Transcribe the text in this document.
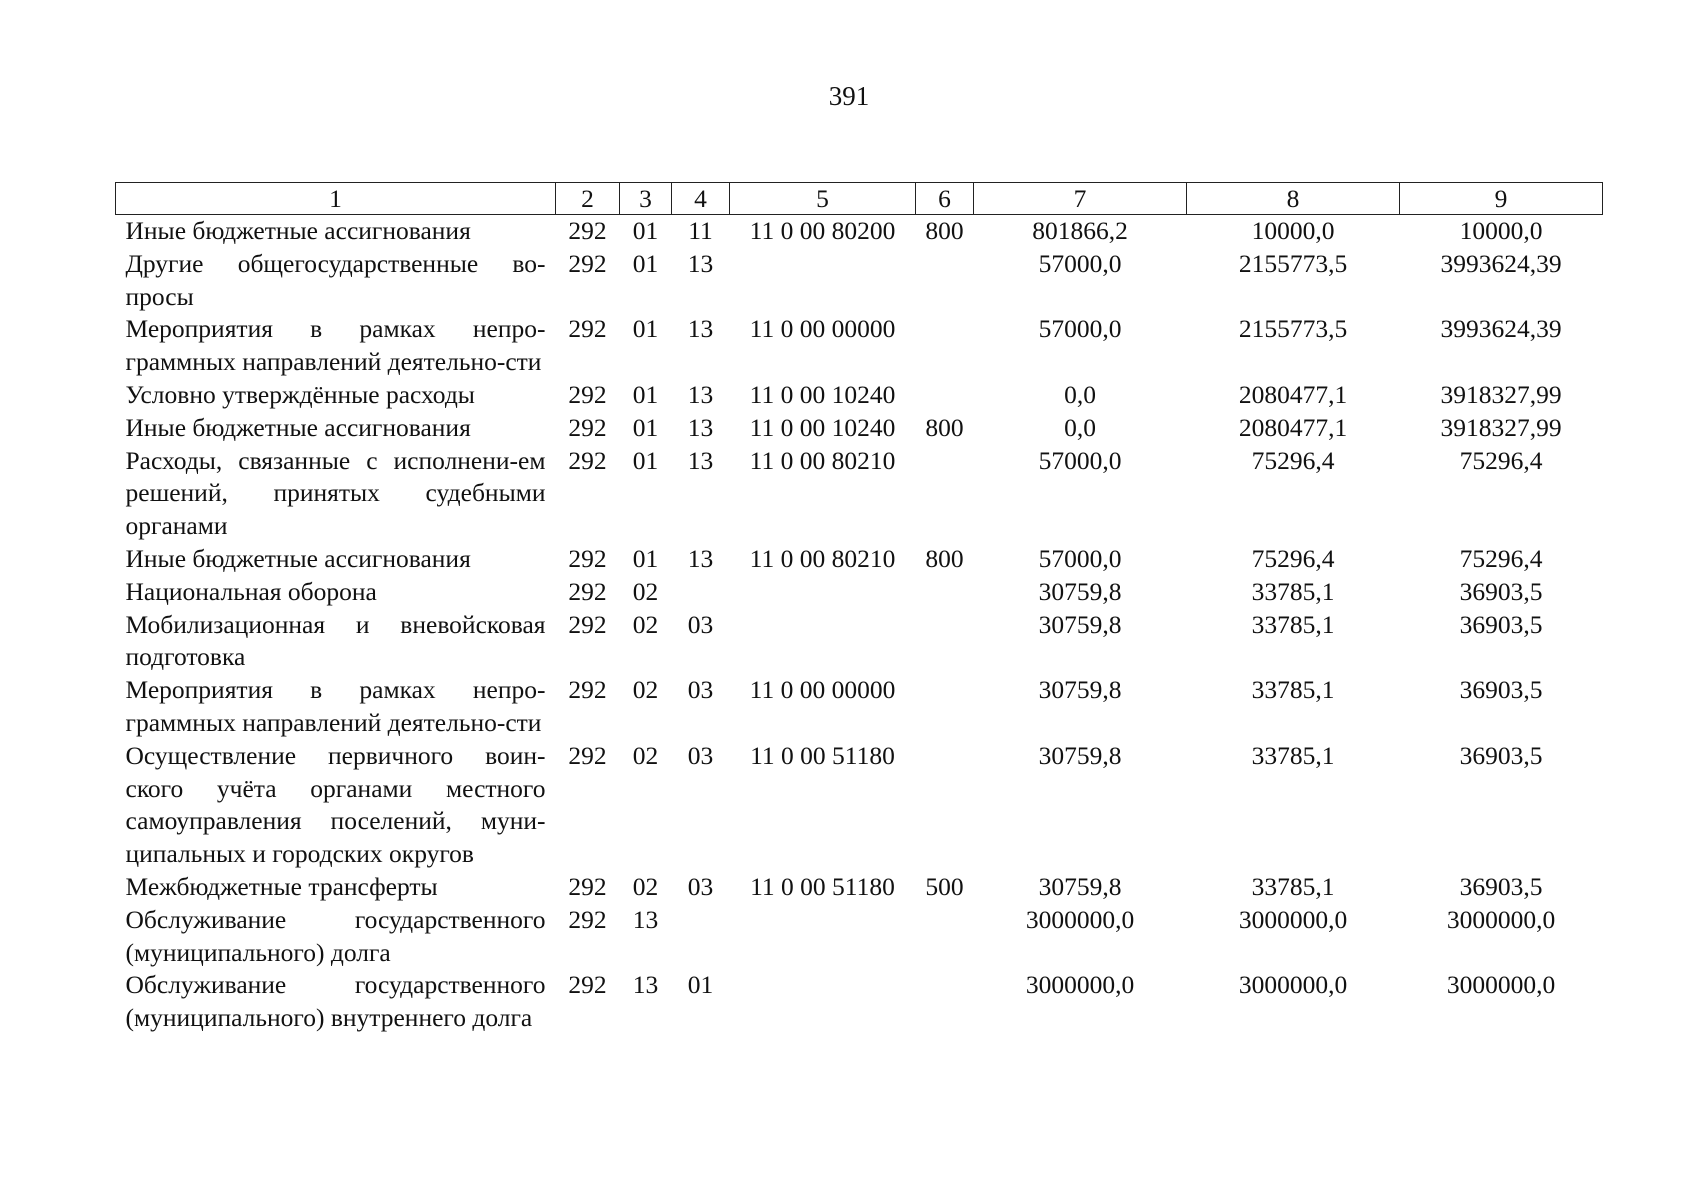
391
1	2	3	4	5	6	7	8	9
Иные бюджетные ассигнования	292	01	11	11 0 00 80200	800	801866,2	10000,0	10000,0
Другие общегосударственные во-просы	292	01	13			57000,0	2155773,5	3993624,39
Мероприятия в рамках непро-граммных направлений деятельно-сти	292	01	13	11 0 00 00000		57000,0	2155773,5	3993624,39
Условно утверждённые расходы	292	01	13	11 0 00 10240		0,0	2080477,1	3918327,99
Иные бюджетные ассигнования	292	01	13	11 0 00 10240	800	0,0	2080477,1	3918327,99
Расходы, связанные с исполнени-ем решений, принятых судебными органами	292	01	13	11 0 00 80210		57000,0	75296,4	75296,4
Иные бюджетные ассигнования	292	01	13	11 0 00 80210	800	57000,0	75296,4	75296,4
Национальная оборона	292	02				30759,8	33785,1	36903,5
Мобилизационная и вневойсковая подготовка	292	02	03			30759,8	33785,1	36903,5
Мероприятия в рамках непро-граммных направлений деятельно-сти	292	02	03	11 0 00 00000		30759,8	33785,1	36903,5
Осуществление первичного воин-ского учёта органами местного самоуправления поселений, муни-ципальных и городских округов	292	02	03	11 0 00 51180		30759,8	33785,1	36903,5
Межбюджетные трансферты	292	02	03	11 0 00 51180	500	30759,8	33785,1	36903,5
Обслуживание государственного (муниципального) долга	292	13				3000000,0	3000000,0	3000000,0
Обслуживание государственного (муниципального) внутреннего долга	292	13	01			3000000,0	3000000,0	3000000,0
